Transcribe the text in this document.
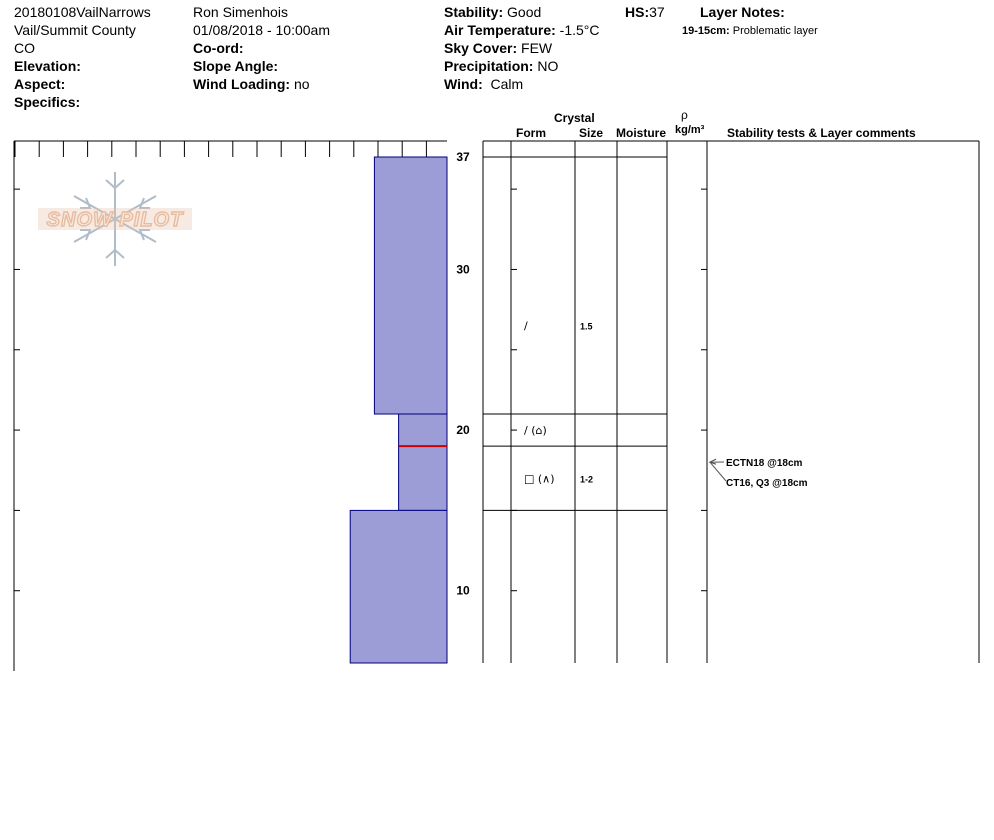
20180108VailNarrows
Vail/Summit County
CO
Elevation:
Aspect:
Specifics:
Ron Simenhois
01/08/2018 - 10:00am
Co-ord:
Slope Angle:
Wind Loading: no
Stability: Good
Air Temperature: -1.5°C
Sky Cover: FEW
Precipitation: NO
Wind: Calm
HS:37	Layer Notes:
19-15cm: Problematic layer
Crystal
Form	Size Moisture
ρ
kg/m³ Stability tests & Layer comments
SNOW PILOT
37
30
20
10
/	1.5
/ (⌂)
□ (∧)	1-2
ECTN18 @18cm
CT16, Q3 @18cm
